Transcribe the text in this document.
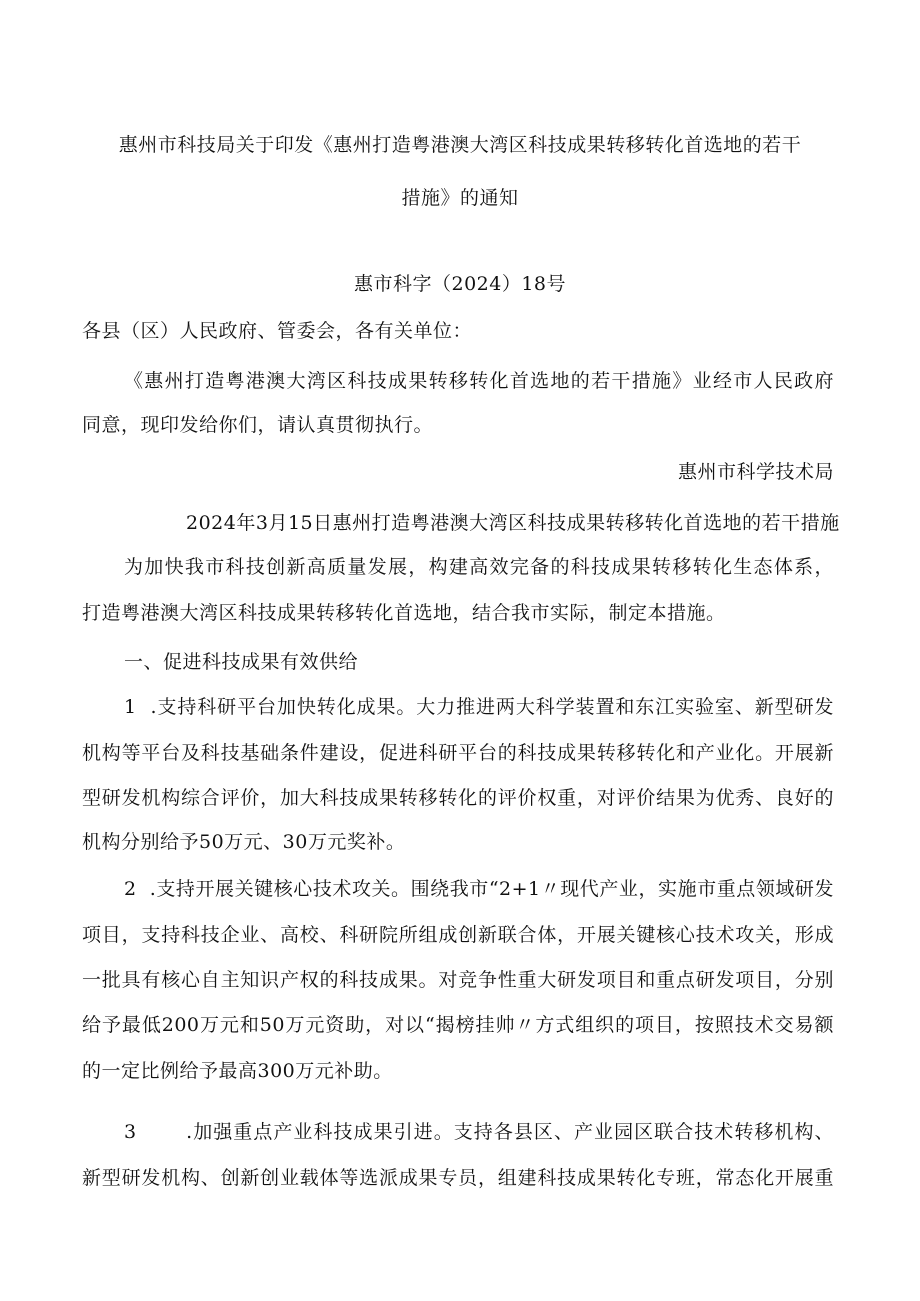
惠州市科技局关于印发《惠州打造粤港澳大湾区科技成果转移转化首选地的若干
措施》的通知
惠市科字（2024）18号
各县（区）人民政府、管委会，各有关单位：
《惠州打造粤港澳大湾区科技成果转移转化首选地的若干措施》业经市人民政府
同意，现印发给你们，请认真贯彻执行。
惠州市科学技术局
2024年3月15日惠州打造粤港澳大湾区科技成果转移转化首选地的若干措施
为加快我市科技创新高质量发展，构建高效完备的科技成果转移转化生态体系，
打造粤港澳大湾区科技成果转移转化首选地，结合我市实际，制定本措施。
一、促进科技成果有效供给
1  .支持科研平台加快转化成果。大力推进两大科学装置和东江实验室、新型研发
机构等平台及科技基础条件建设，促进科研平台的科技成果转移转化和产业化。开展新
型研发机构综合评价，加大科技成果转移转化的评价权重，对评价结果为优秀、良好的
机构分别给予50万元、30万元奖补。
2  .支持开展关键核心技术攻关。围绕我市“2+1〃现代产业，实施市重点领域研发
项目，支持科技企业、高校、科研院所组成创新联合体，开展关键核心技术攻关，形成
一批具有核心自主知识产权的科技成果。对竞争性重大研发项目和重点研发项目，分别
给予最低200万元和50万元资助，对以“揭榜挂帅〃方式组织的项目，按照技术交易额
的一定比例给予最高300万元补助。
3       .加强重点产业科技成果引进。支持各县区、产业园区联合技术转移机构、
新型研发机构、创新创业载体等选派成果专员，组建科技成果转化专班，常态化开展重
